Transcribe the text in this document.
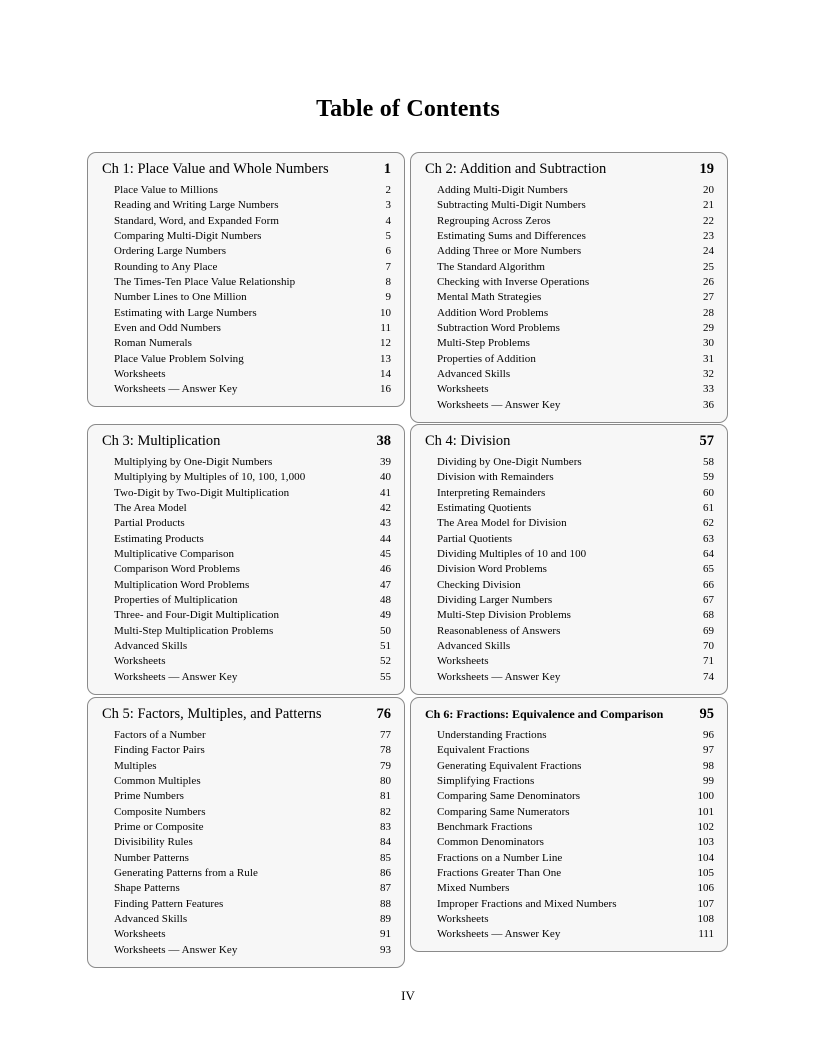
Table of Contents
Ch 1: Place Value and Whole Numbers	1
Place Value to Millions	2
Reading and Writing Large Numbers	3
Standard, Word, and Expanded Form	4
Comparing Multi-Digit Numbers	5
Ordering Large Numbers	6
Rounding to Any Place	7
The Times-Ten Place Value Relationship	8
Number Lines to One Million	9
Estimating with Large Numbers	10
Even and Odd Numbers	11
Roman Numerals	12
Place Value Problem Solving	13
Worksheets	14
Worksheets — Answer Key	16
Ch 2: Addition and Subtraction	19
Adding Multi-Digit Numbers	20
Subtracting Multi-Digit Numbers	21
Regrouping Across Zeros	22
Estimating Sums and Differences	23
Adding Three or More Numbers	24
The Standard Algorithm	25
Checking with Inverse Operations	26
Mental Math Strategies	27
Addition Word Problems	28
Subtraction Word Problems	29
Multi-Step Problems	30
Properties of Addition	31
Advanced Skills	32
Worksheets	33
Worksheets — Answer Key	36
Ch 3: Multiplication	38
Multiplying by One-Digit Numbers	39
Multiplying by Multiples of 10, 100, 1,000	40
Two-Digit by Two-Digit Multiplication	41
The Area Model	42
Partial Products	43
Estimating Products	44
Multiplicative Comparison	45
Comparison Word Problems	46
Multiplication Word Problems	47
Properties of Multiplication	48
Three- and Four-Digit Multiplication	49
Multi-Step Multiplication Problems	50
Advanced Skills	51
Worksheets	52
Worksheets — Answer Key	55
Ch 4: Division	57
Dividing by One-Digit Numbers	58
Division with Remainders	59
Interpreting Remainders	60
Estimating Quotients	61
The Area Model for Division	62
Partial Quotients	63
Dividing Multiples of 10 and 100	64
Division Word Problems	65
Checking Division	66
Dividing Larger Numbers	67
Multi-Step Division Problems	68
Reasonableness of Answers	69
Advanced Skills	70
Worksheets	71
Worksheets — Answer Key	74
Ch 5: Factors, Multiples, and Patterns	76
Factors of a Number	77
Finding Factor Pairs	78
Multiples	79
Common Multiples	80
Prime Numbers	81
Composite Numbers	82
Prime or Composite	83
Divisibility Rules	84
Number Patterns	85
Generating Patterns from a Rule	86
Shape Patterns	87
Finding Pattern Features	88
Advanced Skills	89
Worksheets	91
Worksheets — Answer Key	93
Ch 6: Fractions: Equivalence and Comparison 95
Understanding Fractions	96
Equivalent Fractions	97
Generating Equivalent Fractions	98
Simplifying Fractions	99
Comparing Same Denominators	100
Comparing Same Numerators	101
Benchmark Fractions	102
Common Denominators	103
Fractions on a Number Line	104
Fractions Greater Than One	105
Mixed Numbers	106
Improper Fractions and Mixed Numbers	107
Worksheets	108
Worksheets — Answer Key	111
IV
